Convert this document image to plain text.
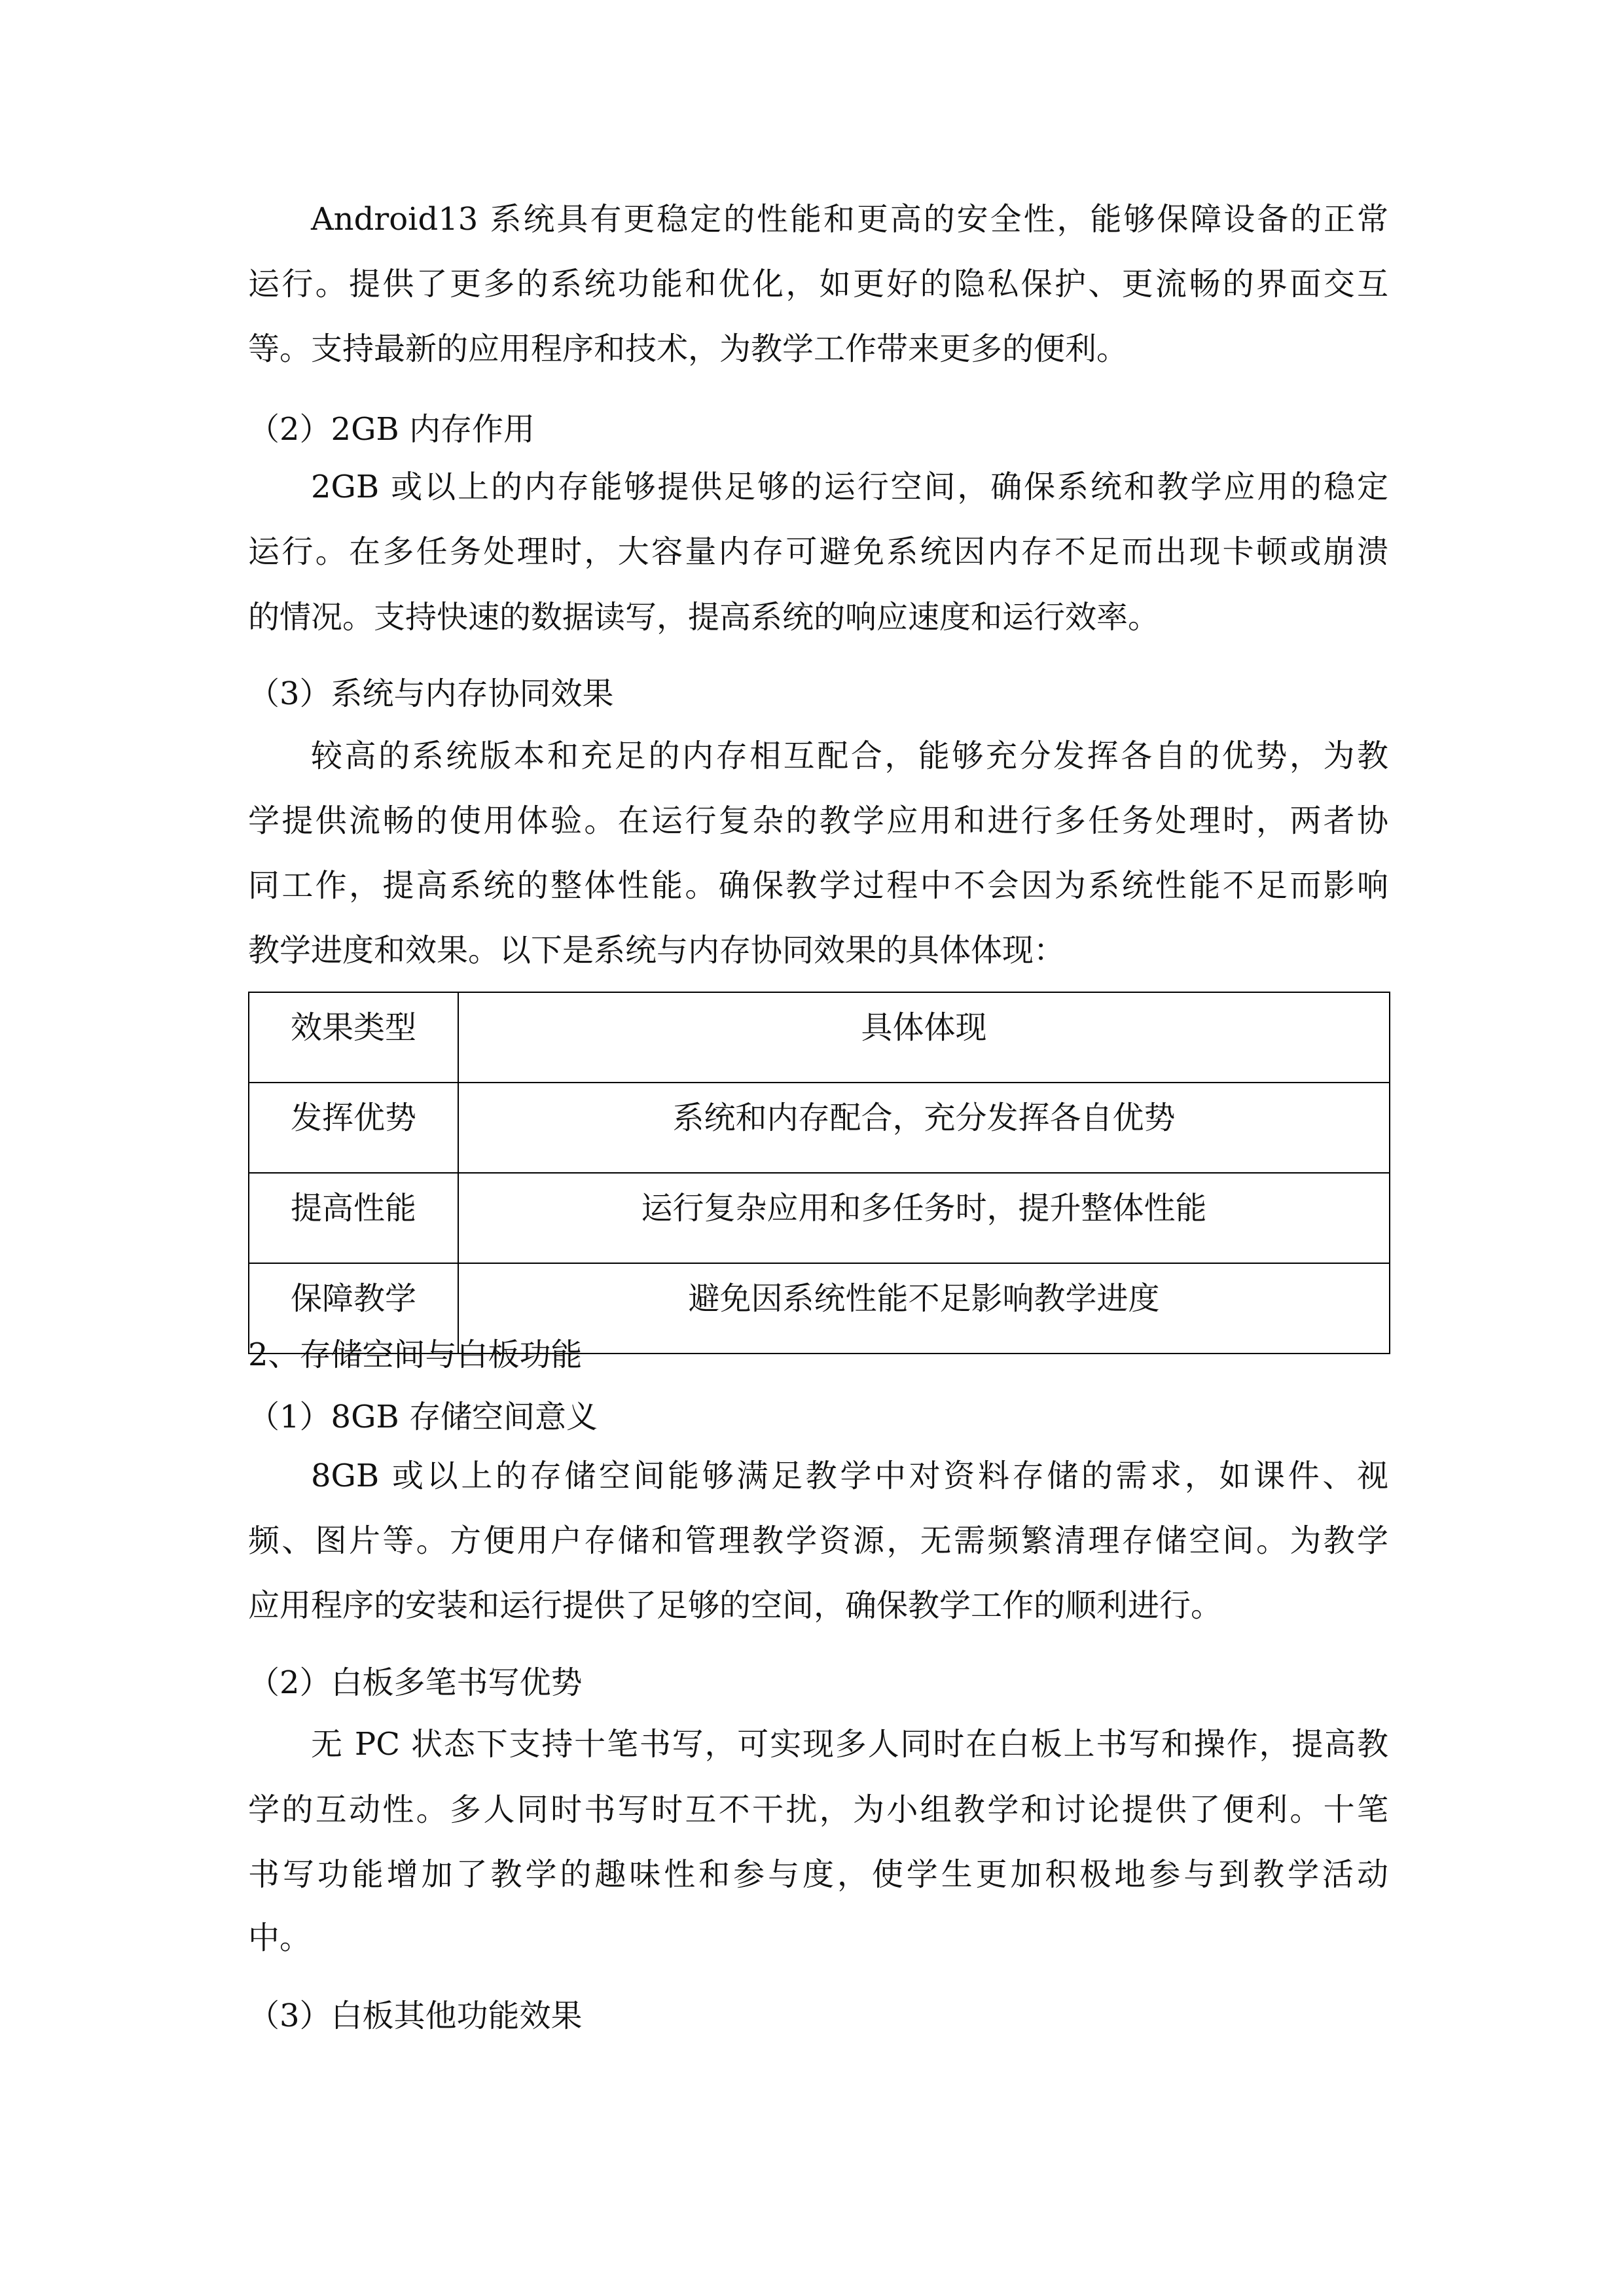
Android13 系统具有更稳定的性能和更高的安全性，能够保障设备的正常
运行。提供了更多的系统功能和优化，如更好的隐私保护、更流畅的界面交互
等。支持最新的应用程序和技术，为教学工作带来更多的便利。
（2）2GB 内存作用
2GB 或以上的内存能够提供足够的运行空间，确保系统和教学应用的稳定
运行。在多任务处理时，大容量内存可避免系统因内存不足而出现卡顿或崩溃
的情况。支持快速的数据读写，提高系统的响应速度和运行效率。
（3）系统与内存协同效果
较高的系统版本和充足的内存相互配合，能够充分发挥各自的优势，为教
学提供流畅的使用体验。在运行复杂的教学应用和进行多任务处理时，两者协
同工作，提高系统的整体性能。确保教学过程中不会因为系统性能不足而影响
教学进度和效果。以下是系统与内存协同效果的具体体现：
效果类型	具体体现
发挥优势	系统和内存配合，充分发挥各自优势
提高性能	运行复杂应用和多任务时，提升整体性能
保障教学	避免因系统性能不足影响教学进度
2、存储空间与白板功能
（1）8GB 存储空间意义
8GB 或以上的存储空间能够满足教学中对资料存储的需求，如课件、视
频、图片等。方便用户存储和管理教学资源，无需频繁清理存储空间。为教学
应用程序的安装和运行提供了足够的空间，确保教学工作的顺利进行。
（2）白板多笔书写优势
无 PC 状态下支持十笔书写，可实现多人同时在白板上书写和操作，提高教
学的互动性。多人同时书写时互不干扰，为小组教学和讨论提供了便利。十笔
书写功能增加了教学的趣味性和参与度，使学生更加积极地参与到教学活动
中。
（3）白板其他功能效果
